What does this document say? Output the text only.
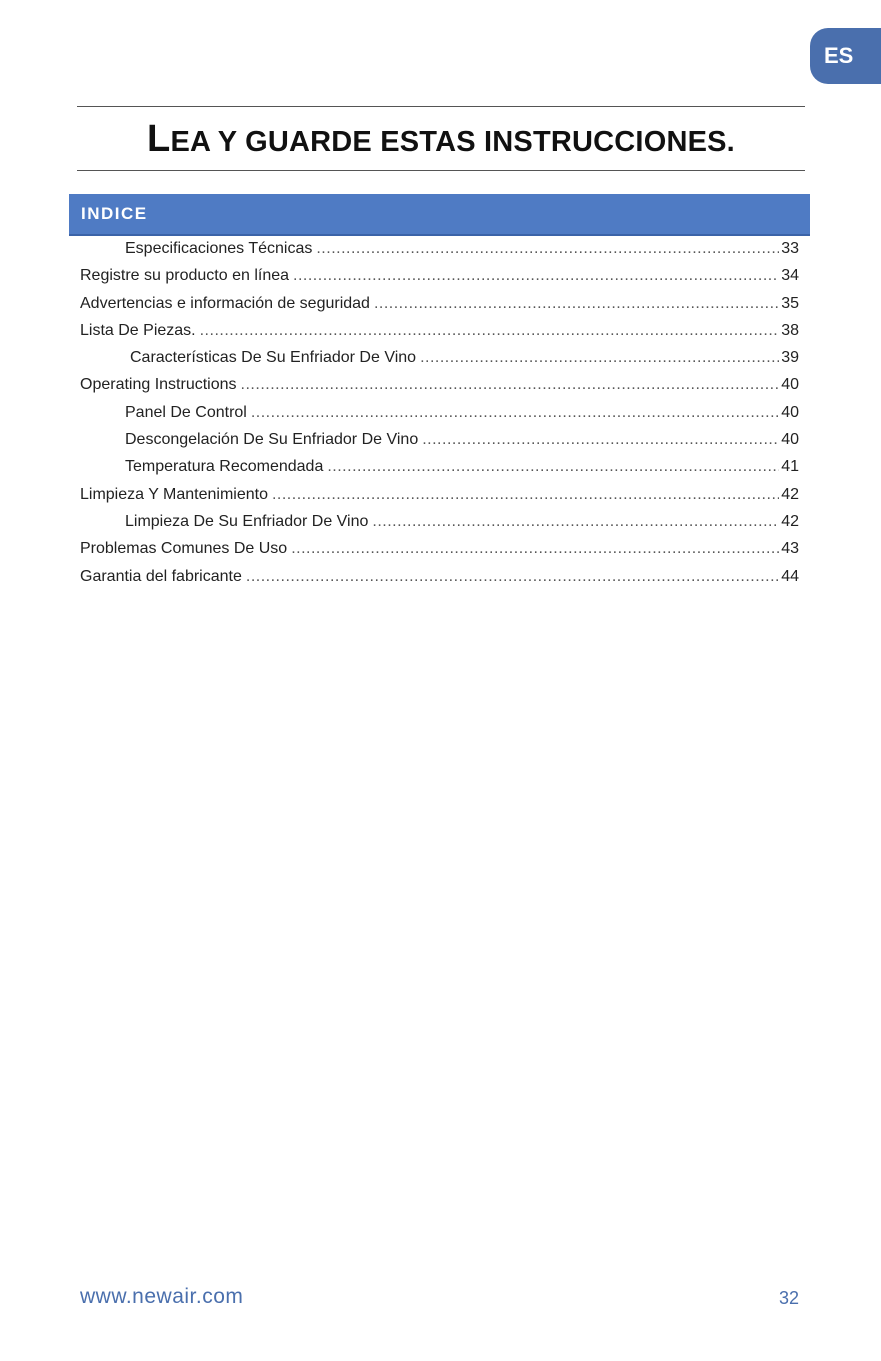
ES
LEA Y GUARDE ESTAS INSTRUCCIONES.
INDICE
Especificaciones Técnicas .....	33
Registre su producto en línea .....	34
Advertencias e información de seguridad .....	35
Lista De Piezas. .....	38
Características De Su Enfriador De Vino .....	39
Operating Instructions .....	40
Panel De Control .....	40
Descongelación De Su Enfriador De Vino .....	40
Temperatura Recomendada .....	41
Limpieza Y Mantenimiento .....	42
Limpieza De Su Enfriador De Vino .....	42
Problemas Comunes De Uso .....	43
Garantia del fabricante .....	44
www.newair.com	32
